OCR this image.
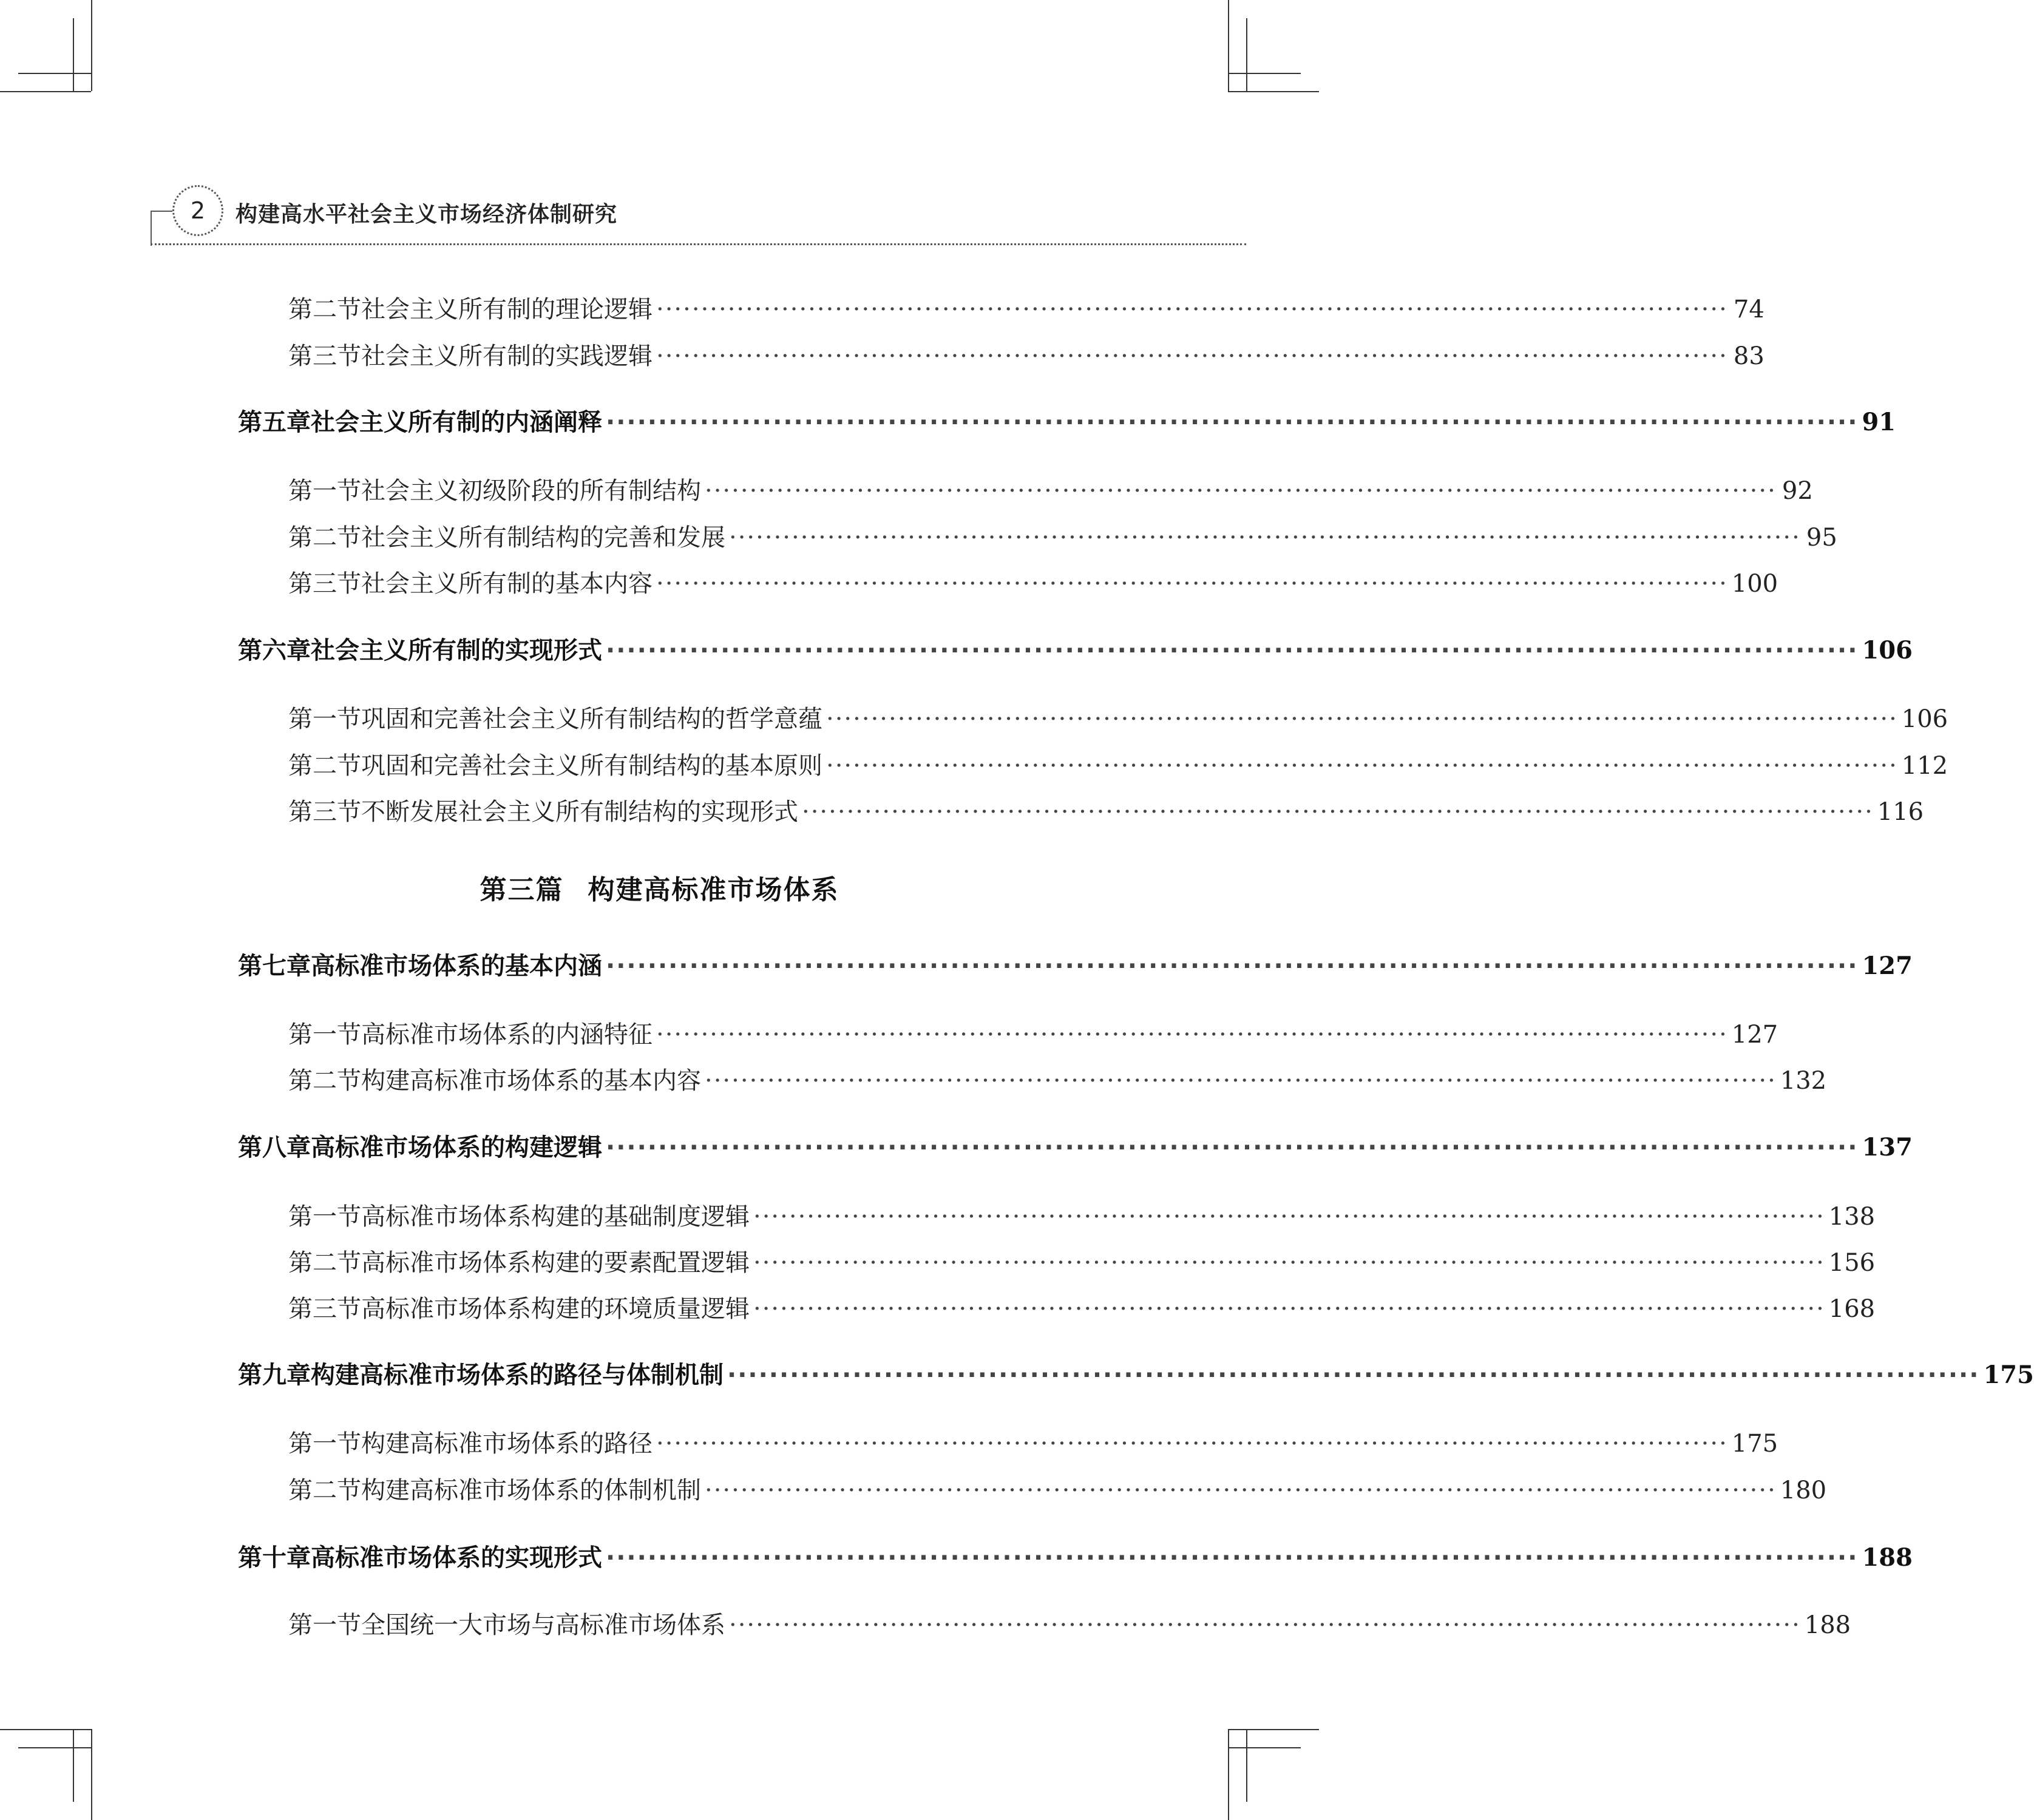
2	构建高水平社会主义市场经济体制研究
第三篇 构建高标准市场体系
第二节 社会主义所有制的理论逻辑 ························································································································ 74
第三节 社会主义所有制的实践逻辑 ························································································································ 83
第五章 社会主义所有制的内涵阐释 ························································································································ 91
第一节 社会主义初级阶段的所有制结构 ························································································································ 92
第二节 社会主义所有制结构的完善和发展 ························································································································ 95
第三节 社会主义所有制的基本内容 ························································································································ 100
第六章 社会主义所有制的实现形式 ························································································································ 106
第一节 巩固和完善社会主义所有制结构的哲学意蕴 ························································································································ 106
第二节 巩固和完善社会主义所有制结构的基本原则 ························································································································ 112
第三节 不断发展社会主义所有制结构的实现形式 ························································································································ 116
第七章 高标准市场体系的基本内涵 ························································································································ 127
第一节 高标准市场体系的内涵特征 ························································································································ 127
第二节 构建高标准市场体系的基本内容 ························································································································ 132
第八章 高标准市场体系的构建逻辑 ························································································································ 137
第一节 高标准市场体系构建的基础制度逻辑 ························································································································ 138
第二节 高标准市场体系构建的要素配置逻辑 ························································································································ 156
第三节 高标准市场体系构建的环境质量逻辑 ························································································································ 168
第九章 构建高标准市场体系的路径与体制机制 ························································································································ 175
第一节 构建高标准市场体系的路径 ························································································································ 175
第二节 构建高标准市场体系的体制机制 ························································································································ 180
第十章 高标准市场体系的实现形式 ························································································································ 188
第一节 全国统一大市场与高标准市场体系 ························································································································ 188
